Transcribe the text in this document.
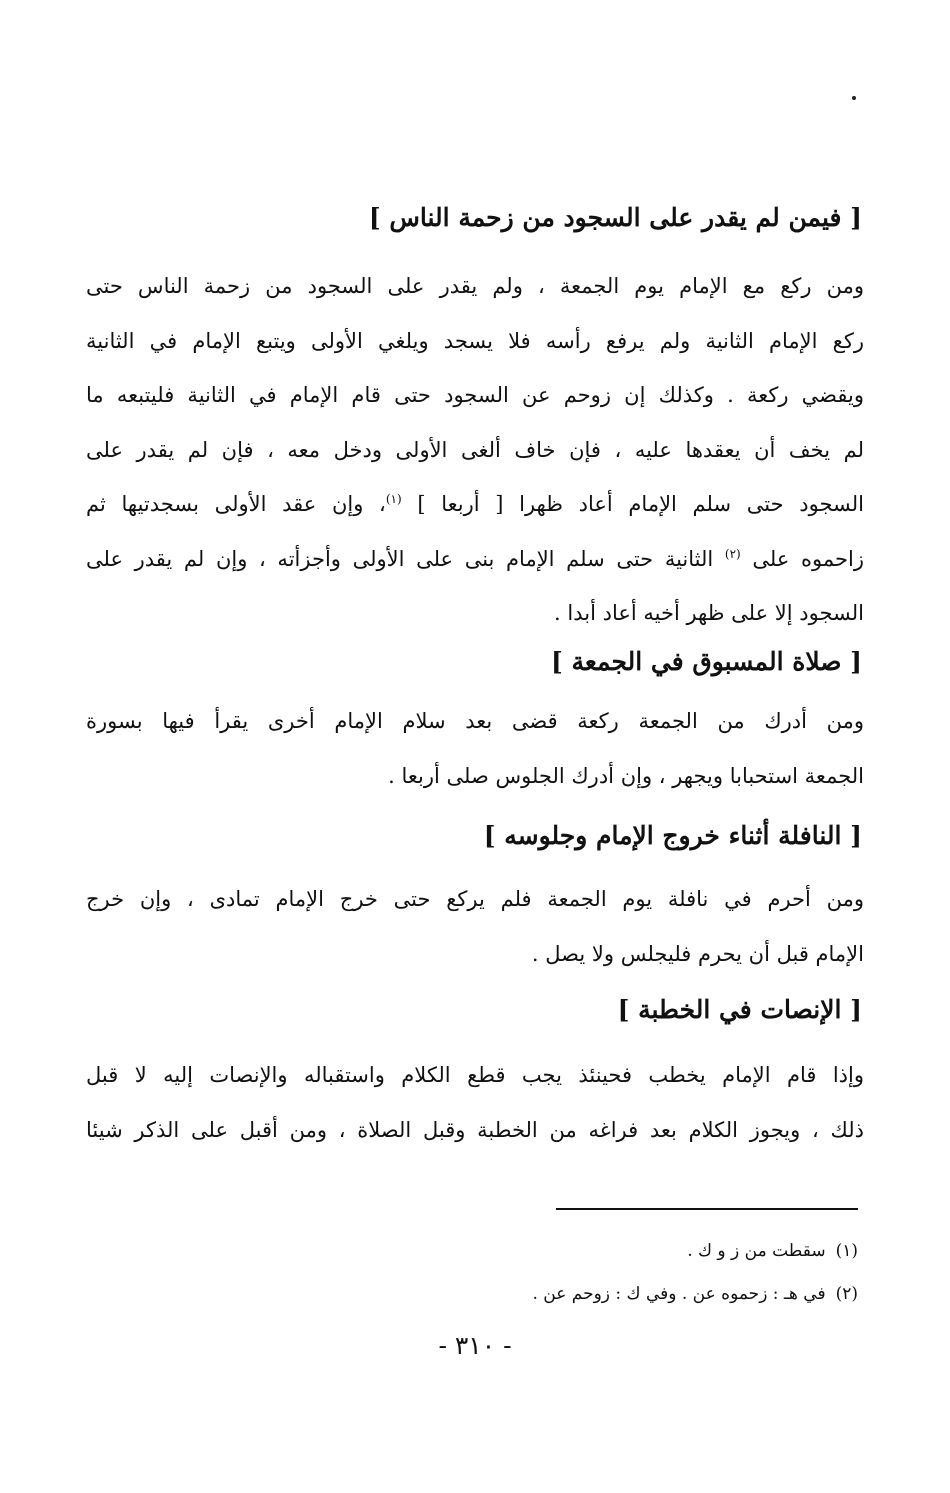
[ فيمن لم يقدر على السجود من زحمة الناس ]
ومن ركع مع الإمام يوم الجمعة ، ولم يقدر على السجود من زحمة الناس حتى
ركع الإمام الثانية ولم يرفع رأسه فلا يسجد ويلغي الأولى ويتبع الإمام في الثانية
ويقضي ركعة . وكذلك إن زوحم عن السجود حتى قام الإمام في الثانية فليتبعه ما
لم يخف أن يعقدها عليه ، فإن خاف ألغى الأولى ودخل معه ، فإن لم يقدر على
السجود حتى سلم الإمام أعاد ظهرا [ أربعا ] $^{(١)}$، وإن عقد الأولى بسجدتيها ثم
زاحموه على $^{(٢)}$ الثانية حتى سلم الإمام بنى على الأولى وأجزأته ، وإن لم يقدر على
السجود إلا على ظهر أخيه أعاد أبدا .
[ صلاة المسبوق في الجمعة ]
ومن أدرك من الجمعة ركعة قضى بعد سلام الإمام أخرى يقرأ فيها بسورة
الجمعة استحبابا ويجهر ، وإن أدرك الجلوس صلى أربعا .
[ النافلة أثناء خروج الإمام وجلوسه ]
ومن أحرم في نافلة يوم الجمعة فلم يركع حتى خرج الإمام تمادى ، وإن خرج
الإمام قبل أن يحرم فليجلس ولا يصل .
[ الإنصات في الخطبة ]
وإذا قام الإمام يخطب فحينئذ يجب قطع الكلام واستقباله والإنصات إليه لا قبل
ذلك ، ويجوز الكلام بعد فراغه من الخطبة وقبل الصلاة ، ومن أقبل على الذكر شيئا
(١)سقطت من ز و ك .
(٢)في هـ : زحموه عن . وفي ك : زوحم عن .
- ٣١٠ -
